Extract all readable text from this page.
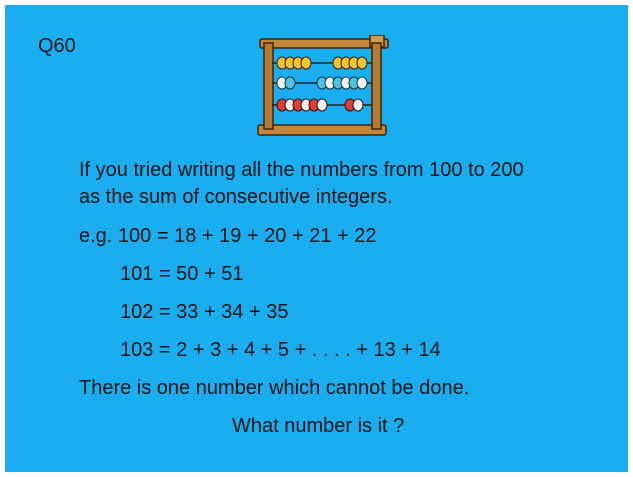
Q60
If you tried writing all the numbers from 100 to 200
as the sum of consecutive integers.
e.g. 100 = 18 + 19 + 20 + 21 + 22
101 = 50 + 51
102 = 33 + 34 + 35
103 = 2 + 3 + 4 + 5 + . . . . + 13 + 14
There is one number which cannot be done.
What number is it ?
